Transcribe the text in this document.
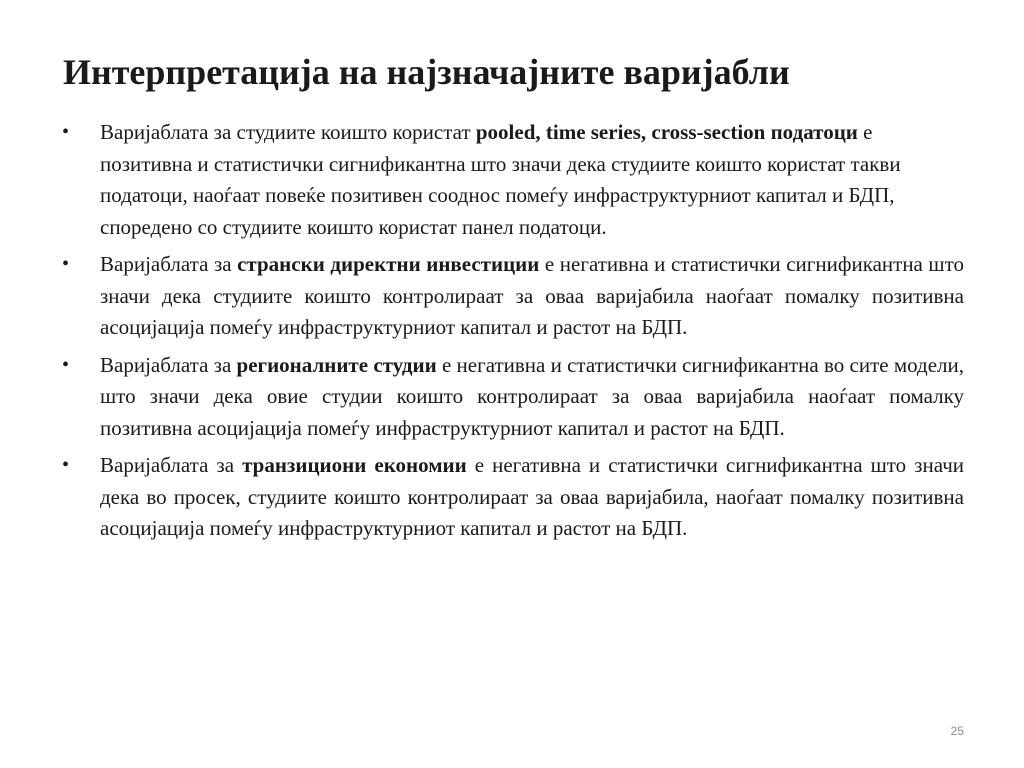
Интерпретација на најзначајните варијабли
• Варијаблата за студиите коишто користат pooled, time series, cross-section податоци е позитивна и статистички сигнификантна што значи дека студиите коишто користат такви податоци, наоѓаат повеќе позитивен сооднос помеѓу инфраструктурниот капитал и БДП, споредено со студиите коишто користат панел податоци.
• Варијаблата за странски директни инвестиции е негативна и статистички сигнификантна што значи дека студиите коишто контролираат за оваа варијабила наоѓаат помалку позитивна асоцијација помеѓу инфраструктурниот капитал и растот на БДП.
• Варијаблата за регионалните студии е негативна и статистички сигнификантна во сите модели, што значи дека овие студии коишто контролираат за оваа варијабила наоѓаат помалку позитивна асоцијација помеѓу инфраструктурниот капитал и растот на БДП.
• Варијаблата за транзициони економии е негативна и статистички сигнификантна што значи дека во просек, студиите коишто контролираат за оваа варијабила, наоѓаат помалку позитивна асоцијација помеѓу инфраструктурниот капитал и растот на БДП.
25
